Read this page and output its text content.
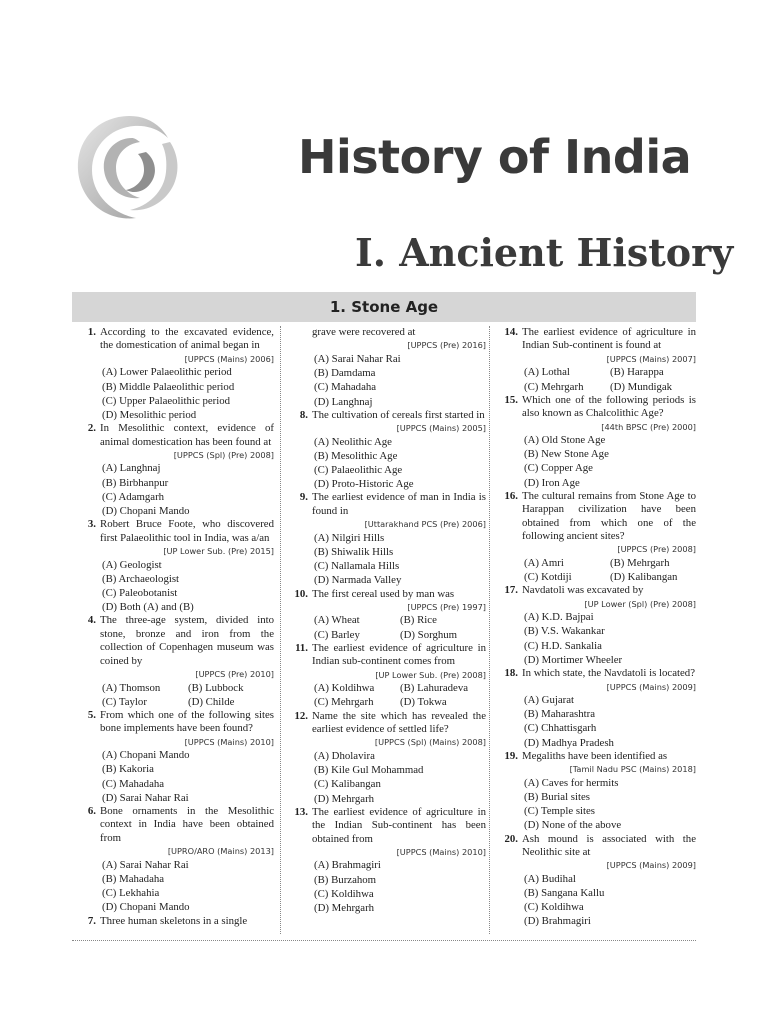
History of India
I. Ancient History
1. Stone Age
1. According to the excavated evidence, the domestication of animal began in
[UPPCS (Mains) 2006]
(A) Lower Palaeolithic period
(B) Middle Palaeolithic period
(C) Upper Palaeolithic period
(D) Mesolithic period
2. In Mesolithic context, evidence of animal domestication has been found at
[UPPCS (Spl) (Pre) 2008]
(A) Langhnaj
(B) Birbhanpur
(C) Adamgarh
(D) Chopani Mando
3. Robert Bruce Foote, who discovered first Palaeolithic tool in India, was a/an
[UP Lower Sub. (Pre) 2015]
(A) Geologist
(B) Archaeologist
(C) Paleobotanist
(D) Both (A) and (B)
4. The three-age system, divided into stone, bronze and iron from the collection of Copenhagen museum was coined by
[UPPCS (Pre) 2010]
(A) Thomson	(B) Lubbock
(C) Taylor	(D) Childe
5. From which one of the following sites bone implements have been found?
[UPPCS (Mains) 2010]
(A) Chopani Mando
(B) Kakoria
(C) Mahadaha
(D) Sarai Nahar Rai
6. Bone ornaments in the Mesolithic context in India have been obtained from
[UPRO/ARO (Mains) 2013]
(A) Sarai Nahar Rai
(B) Mahadaha
(C) Lekhahia
(D) Chopani Mando
7. Three human skeletons in a single
grave were recovered at
[UPPCS (Pre) 2016]
(A) Sarai Nahar Rai
(B) Damdama
(C) Mahadaha
(D) Langhnaj
8. The cultivation of cereals first started in
[UPPCS (Mains) 2005]
(A) Neolithic Age
(B) Mesolithic Age
(C) Palaeolithic Age
(D) Proto-Historic Age
9. The earliest evidence of man in India is found in
[Uttarakhand PCS (Pre) 2006]
(A) Nilgiri Hills
(B) Shiwalik Hills
(C) Nallamala Hills
(D) Narmada Valley
10. The first cereal used by man was
[UPPCS (Pre) 1997]
(A) Wheat	(B) Rice
(C) Barley	(D) Sorghum
11. The earliest evidence of agriculture in Indian sub-continent comes from
[UP Lower Sub. (Pre) 2008]
(A) Koldihwa	(B) Lahuradeva
(C) Mehrgarh	(D) Tokwa
12. Name the site which has revealed the earliest evidence of settled life?
[UPPCS (Spl) (Mains) 2008]
(A) Dholavira
(B) Kile Gul Mohammad
(C) Kalibangan
(D) Mehrgarh
13. The earliest evidence of agriculture in the Indian Sub-continent has been obtained from
[UPPCS (Mains) 2010]
(A) Brahmagiri
(B) Burzahom
(C) Koldihwa
(D) Mehrgarh
14. The earliest evidence of agriculture in Indian Sub-continent is found at
[UPPCS (Mains) 2007]
(A) Lothal	(B) Harappa
(C) Mehrgarh	(D) Mundigak
15. Which one of the following periods is also known as Chalcolithic Age?
[44th BPSC (Pre) 2000]
(A) Old Stone Age
(B) New Stone Age
(C) Copper Age
(D) Iron Age
16. The cultural remains from Stone Age to Harappan civilization have been obtained from which one of the following ancient sites?
[UPPCS (Pre) 2008]
(A) Amri	(B) Mehrgarh
(C) Kotdiji	(D) Kalibangan
17. Navdatoli was excavated by
[UP Lower (Spl) (Pre) 2008]
(A) K.D. Bajpai
(B) V.S. Wakankar
(C) H.D. Sankalia
(D) Mortimer Wheeler
18. In which state, the Navdatoli is located?
[UPPCS (Mains) 2009]
(A) Gujarat
(B) Maharashtra
(C) Chhattisgarh
(D) Madhya Pradesh
19. Megaliths have been identified as
[Tamil Nadu PSC (Mains) 2018]
(A) Caves for hermits
(B) Burial sites
(C) Temple sites
(D) None of the above
20. Ash mound is associated with the Neolithic site at
[UPPCS (Mains) 2009]
(A) Budihal
(B) Sangana Kallu
(C) Koldihwa
(D) Brahmagiri
